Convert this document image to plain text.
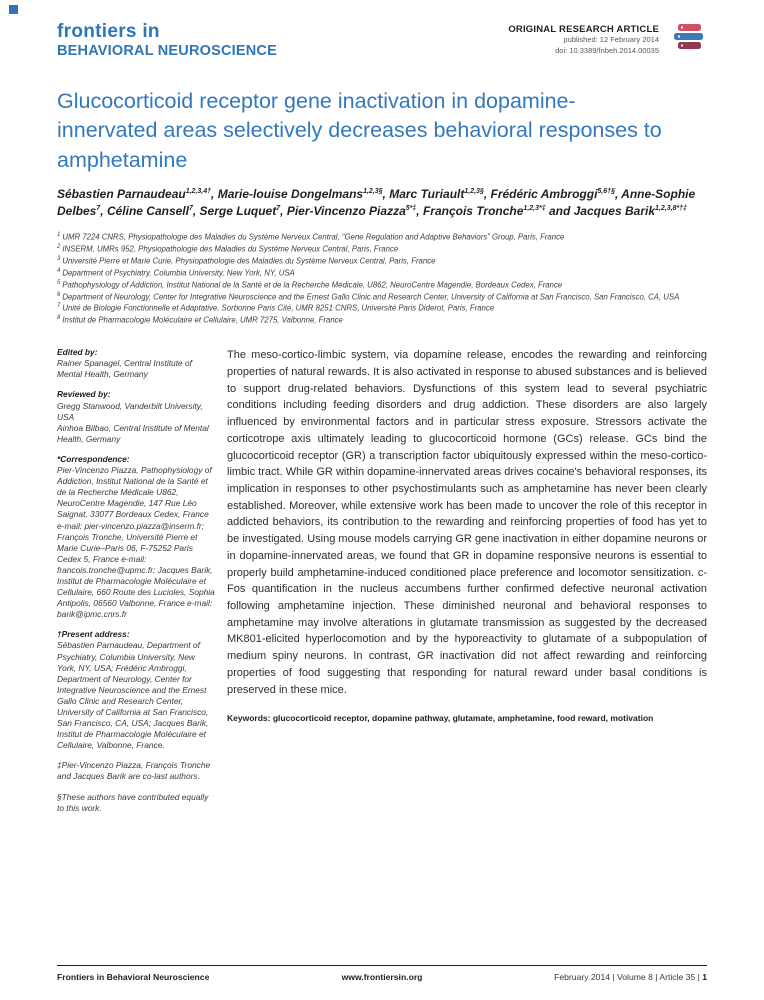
frontiers in
BEHAVIORAL NEUROSCIENCE
ORIGINAL RESEARCH ARTICLE
published: 12 February 2014
doi: 10.3389/fnbeh.2014.00035
Glucocorticoid receptor gene inactivation in dopamine-innervated areas selectively decreases behavioral responses to amphetamine

Sébastien Parnaudeau$^{1,2,3,4\dagger}$, Marie-louise Dongelmans$^{1,2,3\S}$, Marc Turiault$^{1,2,3\S}$, Frédéric Ambroggi$^{5,6\dagger\S}$, Anne-Sophie Delbes$^7$, Céline Cansell$^7$, Serge Luquet$^7$, Pier-Vincenzo Piazza$^{5*\ddagger}$, François Tronche$^{1,2,3*\ddagger}$ and Jacques Barik$^{1,2,3,8*\dagger\ddagger}$

$^1$ UMR 7224 CNRS, Physiopathologie des Maladies du Système Nerveux Central, “Gene Regulation and Adaptive Behaviors” Group, Paris, France
$^2$ INSERM, UMRs 952, Physiopathologie des Maladies du Système Nerveux Central, Paris, France
$^3$ Université Pierre et Marie Curie, Physiopathologie des Maladies du Système Nerveux Central, Paris, France
$^4$ Department of Psychiatry, Columbia University, New York, NY, USA
$^5$ Pathophysiology of Addiction, Institut National de la Santé et de la Recherche Médicale, U862, NeuroCentre Magendie, Bordeaux Cedex, France
$^6$ Department of Neurology, Center for Integrative Neuroscience and the Ernest Gallo Clinic and Research Center, University of California at San Francisco, San Francisco, CA, USA
$^7$ Unité de Biologie Fonctionnelle et Adaptative, Sorbonne Paris Cité, UMR 8251 CNRS, Université Paris Diderot, Paris, France
$^8$ Institut de Pharmacologie Moléculaire et Cellulaire, UMR 7275, Valbonne, France
Edited by:
Rainer Spanagel, Central Institute of Mental Health, Germany
Reviewed by:
Gregg Stanwood, Vanderbilt University, USA
Ainhoa Bilbao, Central Institute of Mental Health, Germany
*Correspondence:
Pier-Vincenzo Piazza, Pathophysiology of Addiction, Institut National de la Santé et de la Recherche Médicale U862, NeuroCentre Magendie, 147 Rue Léo Saignat, 33077 Bordeaux Cedex, France e-mail: pier-vincenzo.piazza@inserm.fr; François Tronche, Université Pierre et Marie Curie–Paris 06, F-75252 Paris Cedex 5, France e-mail: francois.tronche@upmc.fr; Jacques Barik, Institut de Pharmacologie Moléculaire et Cellulaire, 660 Route des Lucioles, Sophia Antipolis, 06560 Valbonne, France e-mail: barik@ipmc.cnrs.fr
†Present address:
Sébastien Parnaudeau, Department of Psychiatry, Columbia University, New York, NY, USA; Frédéric Ambroggi, Department of Neurology, Center for Integrative Neuroscience and the Ernest Gallo Clinic and Research Center, University of California at San Francisco, San Francisco, CA, USA; Jacques Barik, Institut de Pharmacologie Moléculaire et Cellulaire, Valbonne, France.

‡Pier-Vincenzo Piazza, François Tronche and Jacques Barik are co-last authors.

§These authors have contributed equally to this work.

The meso-cortico-limbic system, via dopamine release, encodes the rewarding and reinforcing properties of natural rewards. It is also activated in response to abused substances and is believed to support drug-related behaviors. Dysfunctions of this system lead to several psychiatric conditions including feeding disorders and drug addiction. These disorders are also largely influenced by environmental factors and in particular stress exposure. Stressors activate the corticotrope axis ultimately leading to glucocorticoid hormone (GCs) release. GCs bind the glucocorticoid receptor (GR) a transcription factor ubiquitously expressed within the meso-cortico-limbic tract. While GR within dopamine-innervated areas drives cocaine's behavioral responses, its implication in responses to other psychostimulants such as amphetamine has never been clearly established. Moreover, while extensive work has been made to uncover the role of this receptor in addicted behaviors, its contribution to the rewarding and reinforcing properties of food has yet to be investigated. Using mouse models carrying GR gene inactivation in either dopamine neurons or in dopamine-innervated areas, we found that GR in dopamine responsive neurons is essential to properly build amphetamine-induced conditioned place preference and locomotor sensitization. c-Fos quantification in the nucleus accumbens further confirmed defective neuronal activation following amphetamine injection. These diminished neuronal and behavioral responses to amphetamine may involve alterations in glutamate transmission as suggested by the decreased MK801-elicited hyperlocomotion and by the hyporeactivity to glutamate of a subpopulation of medium spiny neurons. In contrast, GR inactivation did not affect rewarding and reinforcing properties of food suggesting that responding for natural reward under basal conditions is preserved in these mice.

Keywords: glucocorticoid receptor, dopamine pathway, glutamate, amphetamine, food reward, motivation

Frontiers in Behavioral Neuroscience	www.frontiersin.org	February 2014 | Volume 8 | Article 35 | 1
